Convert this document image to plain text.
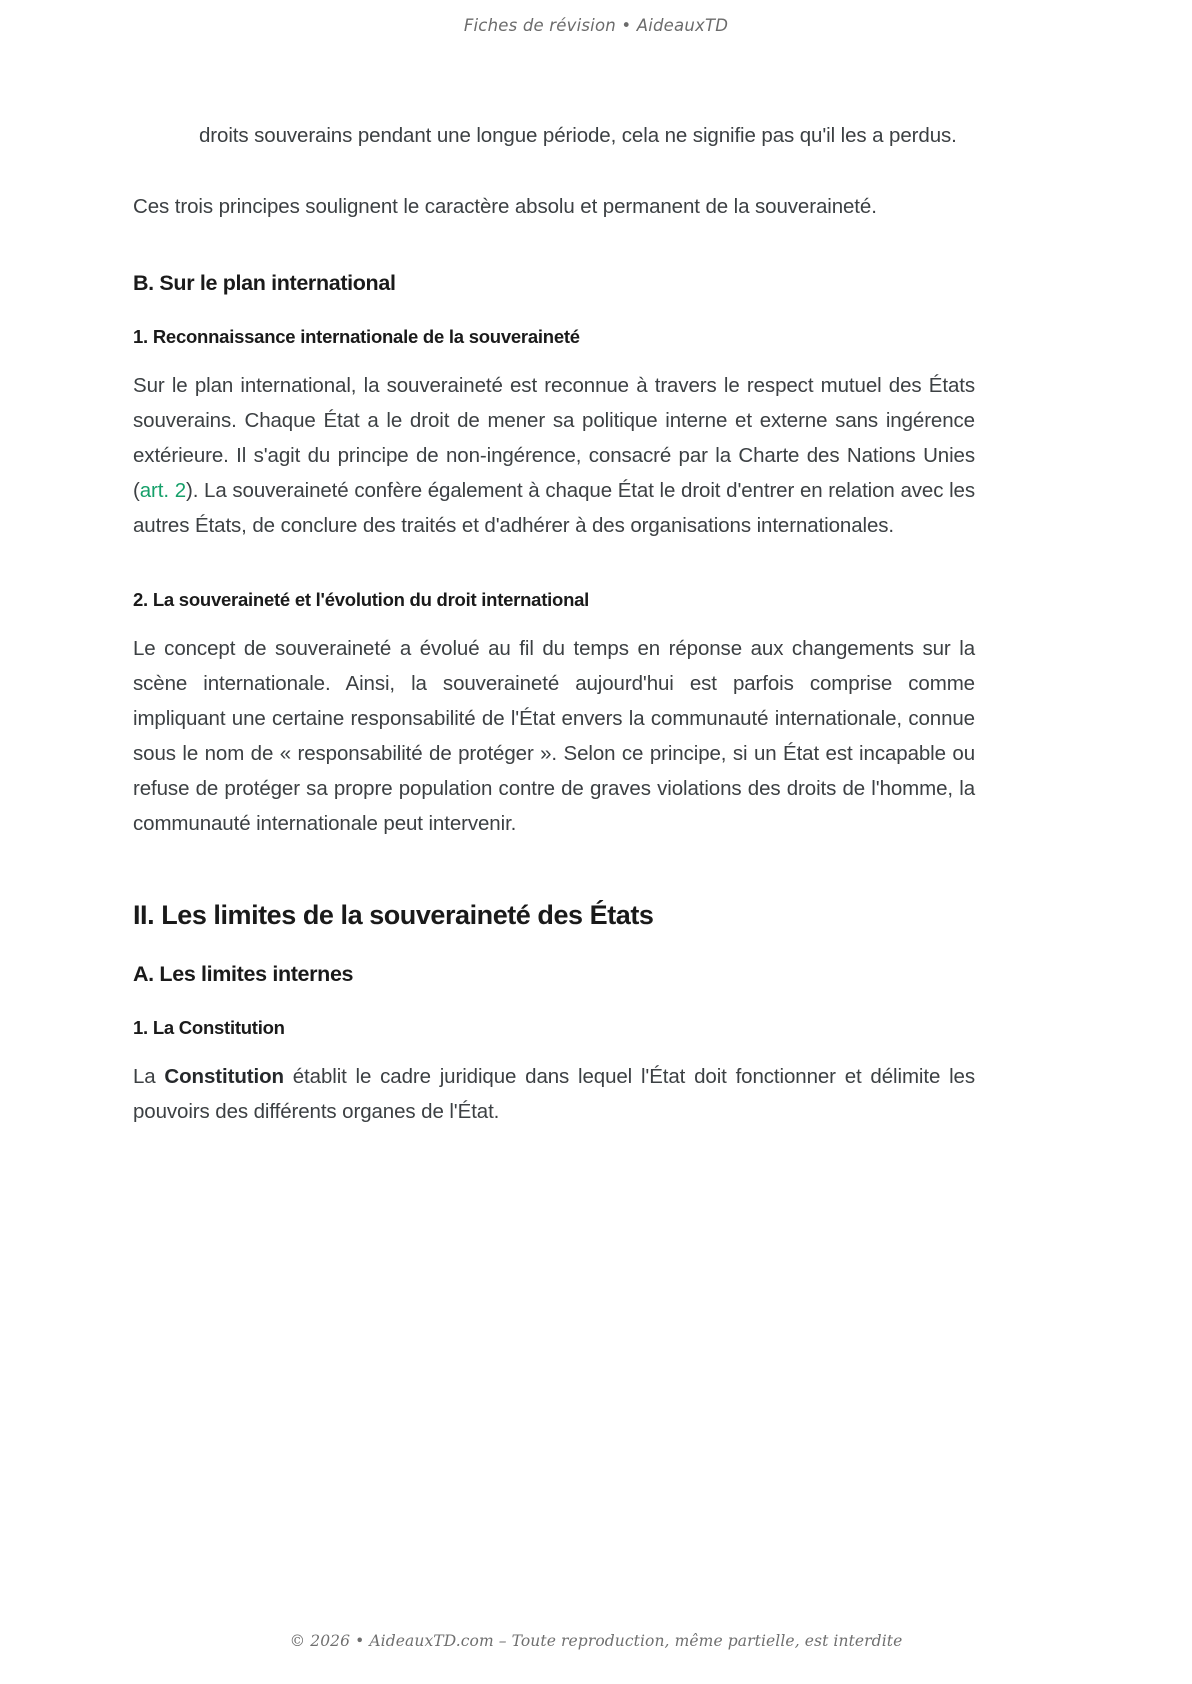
Fiches de révision • AideauxTD

droits souverains pendant une longue période, cela ne signifie pas qu'il les a perdus.

Ces trois principes soulignent le caractère absolu et permanent de la souveraineté.

B. Sur le plan international
1. Reconnaissance internationale de la souveraineté

Sur le plan international, la souveraineté est reconnue à travers le respect mutuel des États souverains. Chaque État a le droit de mener sa politique interne et externe sans ingérence extérieure. Il s'agit du principe de non-ingérence, consacré par la Charte des Nations Unies (art. 2). La souveraineté confère également à chaque État le droit d'entrer en relation avec les autres États, de conclure des traités et d'adhérer à des organisations internationales.

2. La souveraineté et l'évolution du droit international

Le concept de souveraineté a évolué au fil du temps en réponse aux changements sur la scène internationale. Ainsi, la souveraineté aujourd'hui est parfois comprise comme impliquant une certaine responsabilité de l'État envers la communauté internationale, connue sous le nom de « responsabilité de protéger ». Selon ce principe, si un État est incapable ou refuse de protéger sa propre population contre de graves violations des droits de l'homme, la communauté internationale peut intervenir.

II. Les limites de la souveraineté des États
A. Les limites internes
1. La Constitution

La Constitution établit le cadre juridique dans lequel l'État doit fonctionner et délimite les pouvoirs des différents organes de l'État.

© 2026 • AideauxTD.com – Toute reproduction, même partielle, est interdite
